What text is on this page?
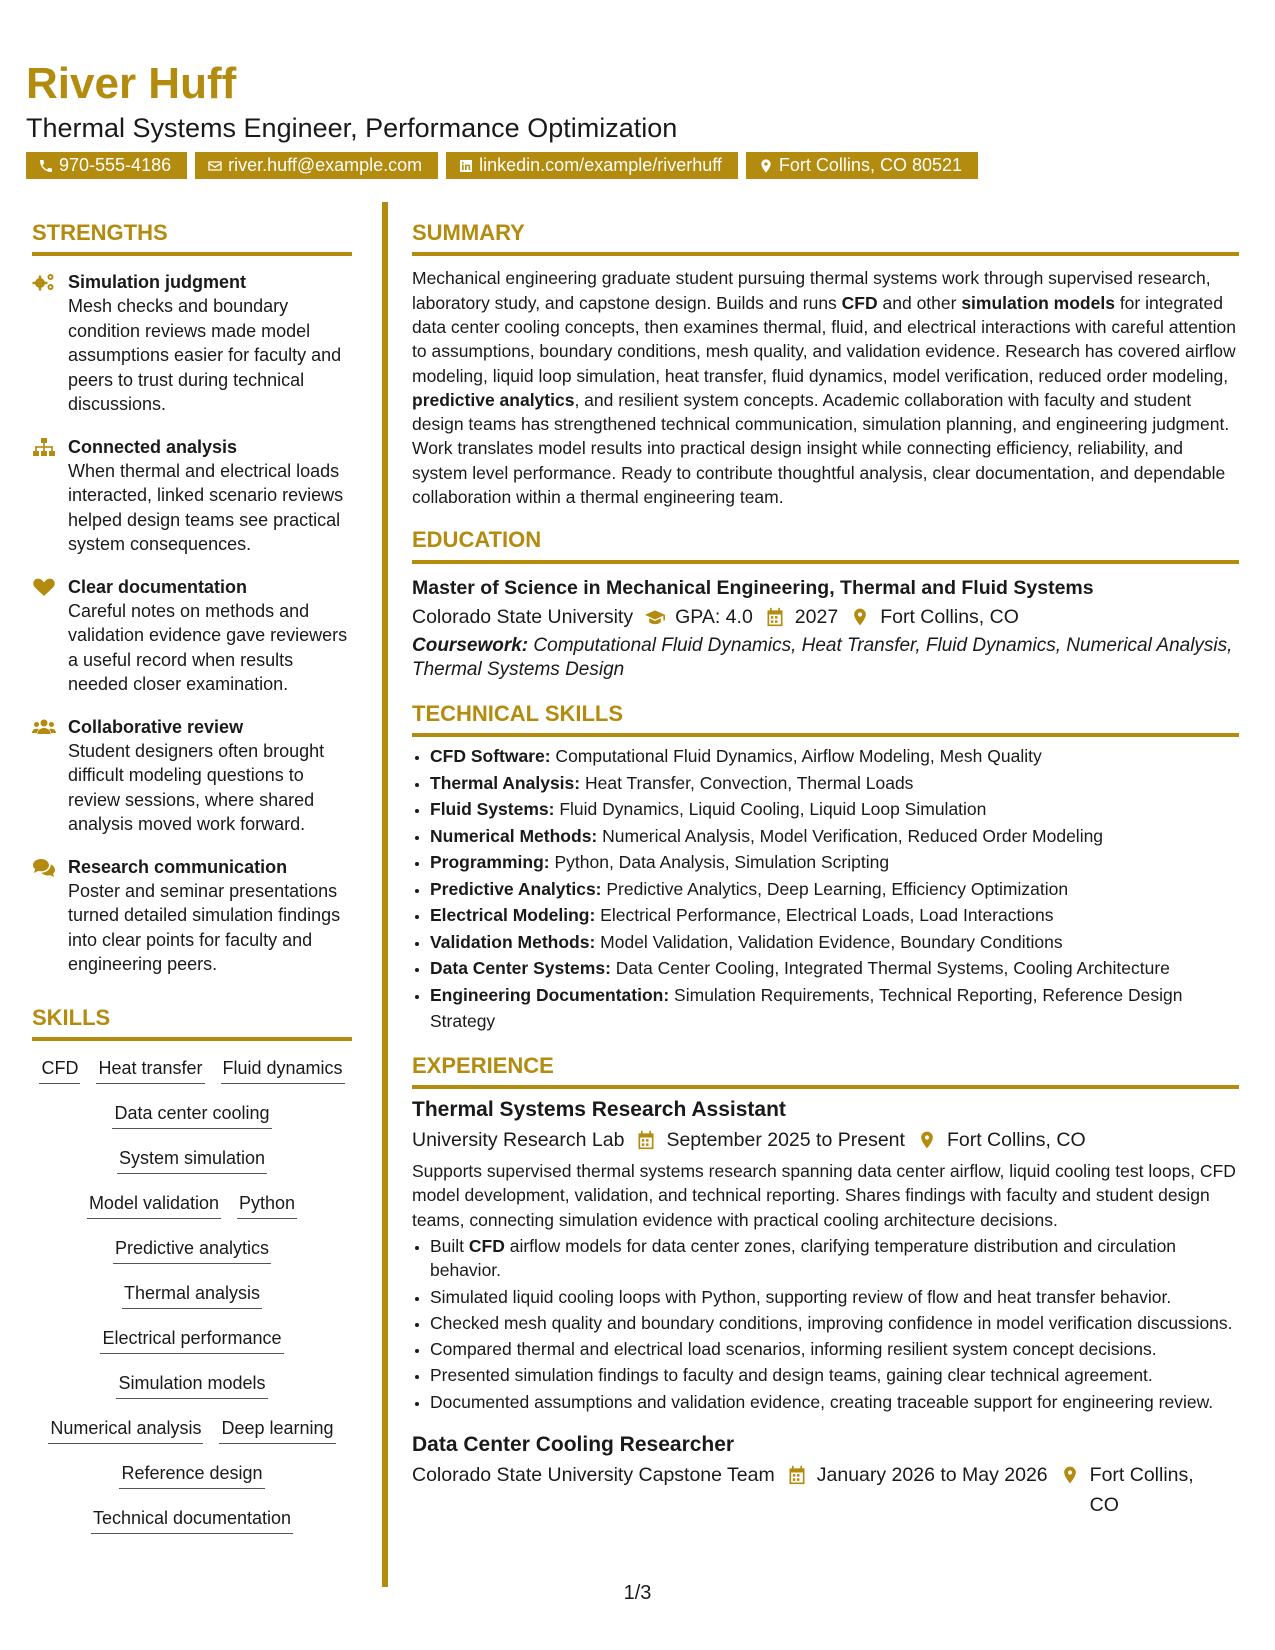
River Huff
Thermal Systems Engineer, Performance Optimization
970-555-4186	river.huff@example.com	linkedin.com/example/riverhuff	Fort Collins, CO 80521
STRENGTHS
Simulation judgment
Mesh checks and boundary condition reviews made model assumptions easier for faculty and peers to trust during technical discussions.
Connected analysis
When thermal and electrical loads interacted, linked scenario reviews helped design teams see practical system consequences.
Clear documentation
Careful notes on methods and validation evidence gave reviewers a useful record when results needed closer examination.
Collaborative review
Student designers often brought difficult modeling questions to review sessions, where shared analysis moved work forward.
Research communication
Poster and seminar presentations turned detailed simulation findings into clear points for faculty and engineering peers.
SKILLS
CFD Heat transfer Fluid dynamics
Data center cooling
System simulation
Model validation Python
Predictive analytics
Thermal analysis
Electrical performance
Simulation models
Numerical analysis Deep learning
Reference design
Technical documentation
SUMMARY
Mechanical engineering graduate student pursuing thermal systems work through supervised research, laboratory study, and capstone design. Builds and runs CFD and other simulation models for integrated data center cooling concepts, then examines thermal, fluid, and electrical interactions with careful attention to assumptions, boundary conditions, mesh quality, and validation evidence. Research has covered airflow modeling, liquid loop simulation, heat transfer, fluid dynamics, model verification, reduced order modeling, predictive analytics, and resilient system concepts. Academic collaboration with faculty and student design teams has strengthened technical communication, simulation planning, and engineering judgment. Work translates model results into practical design insight while connecting efficiency, reliability, and system level performance. Ready to contribute thoughtful analysis, clear documentation, and dependable collaboration within a thermal engineering team.
EDUCATION
Master of Science in Mechanical Engineering, Thermal and Fluid Systems
Colorado State University GPA: 4.0 2027 Fort Collins, CO
Coursework: Computational Fluid Dynamics, Heat Transfer, Fluid Dynamics, Numerical Analysis, Thermal Systems Design
TECHNICAL SKILLS
• CFD Software: Computational Fluid Dynamics, Airflow Modeling, Mesh Quality
• Thermal Analysis: Heat Transfer, Convection, Thermal Loads
• Fluid Systems: Fluid Dynamics, Liquid Cooling, Liquid Loop Simulation
• Numerical Methods: Numerical Analysis, Model Verification, Reduced Order Modeling
• Programming: Python, Data Analysis, Simulation Scripting
• Predictive Analytics: Predictive Analytics, Deep Learning, Efficiency Optimization
• Electrical Modeling: Electrical Performance, Electrical Loads, Load Interactions
• Validation Methods: Model Validation, Validation Evidence, Boundary Conditions
• Data Center Systems: Data Center Cooling, Integrated Thermal Systems, Cooling Architecture
• Engineering Documentation: Simulation Requirements, Technical Reporting, Reference Design Strategy
EXPERIENCE
Thermal Systems Research Assistant
University Research Lab September 2025 to Present Fort Collins, CO
Supports supervised thermal systems research spanning data center airflow, liquid cooling test loops, CFD model development, validation, and technical reporting. Shares findings with faculty and student design teams, connecting simulation evidence with practical cooling architecture decisions.
• Built CFD airflow models for data center zones, clarifying temperature distribution and circulation behavior.
• Simulated liquid cooling loops with Python, supporting review of flow and heat transfer behavior.
• Checked mesh quality and boundary conditions, improving confidence in model verification discussions.
• Compared thermal and electrical load scenarios, informing resilient system concept decisions.
• Presented simulation findings to faculty and design teams, gaining clear technical agreement.
• Documented assumptions and validation evidence, creating traceable support for engineering review.
Data Center Cooling Researcher
Colorado State University Capstone Team January 2026 to May 2026 Fort Collins, CO
1/3
